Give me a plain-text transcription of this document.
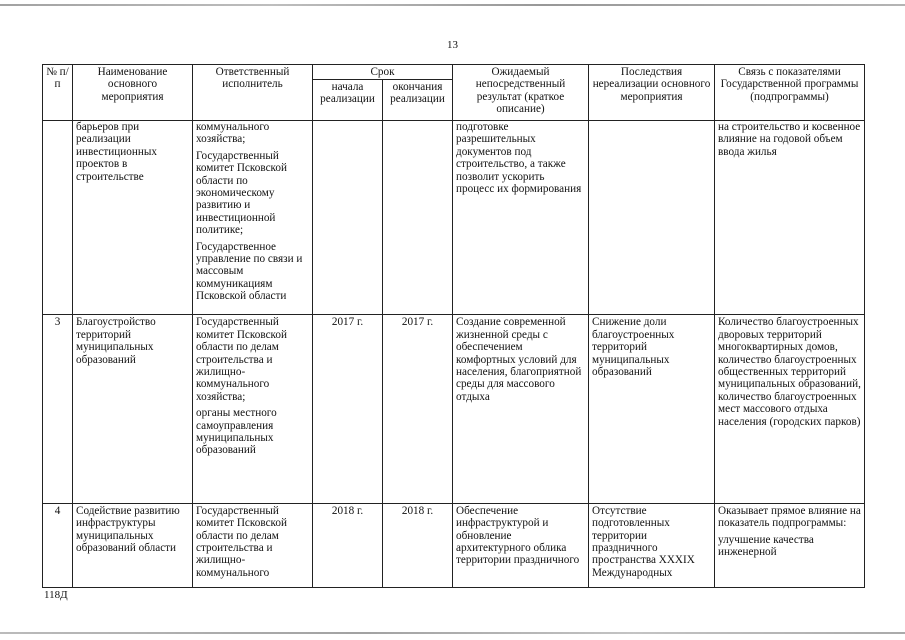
13
№ п/п	Наименование основного мероприятия	Ответственный исполнитель	Срок		Ожидаемый непосредственный результат (краткое описание)	Последствия нереализации основного мероприятия	Связь с показателями Государственной программы (подпрограммы)
			начала реализации	окончания реализации			
	барьеров при реализации инвестиционных проектов в строительстве	коммунального хозяйства;
Государственный комитет Псковской области по экономическому развитию и инвестиционной политике;
Государственное управление по связи и массовым коммуникациям Псковской области			подготовке разрешительных документов под строительство, а также позволит ускорить процесс их формирования		на строительство и косвенное влияние на годовой объем ввода жилья

3	Благоустройство территорий муниципальных образований	Государственный комитет Псковской области по делам строительства и жилищно-коммунального хозяйства;
органы местного самоуправления муниципальных образований	2017 г.	2017 г.	Создание современной жизненной среды с обеспечением комфортных условий для населения, благоприятной среды для массового отдыха	Снижение доли благоустроенных территорий муниципальных образований	Количество благоустроенных дворовых территорий многоквартирных домов, количество благоустроенных общественных территорий муниципальных образований, количество благоустроенных мест массового отдыха населения (городских парков)

4	Содействие развитию инфраструктуры муниципальных образований области	Государственный комитет Псковской области по делам строительства и жилищно-коммунального	2018 г.	2018 г.	Обеспечение инфраструктурой и обновление архитектурного облика территории праздничного	Отсутствие подготовленных территории праздничного пространства XXXIX Международных	Оказывает прямое влияние на показатель подпрограммы:
улучшение качества инженерной
118Д
